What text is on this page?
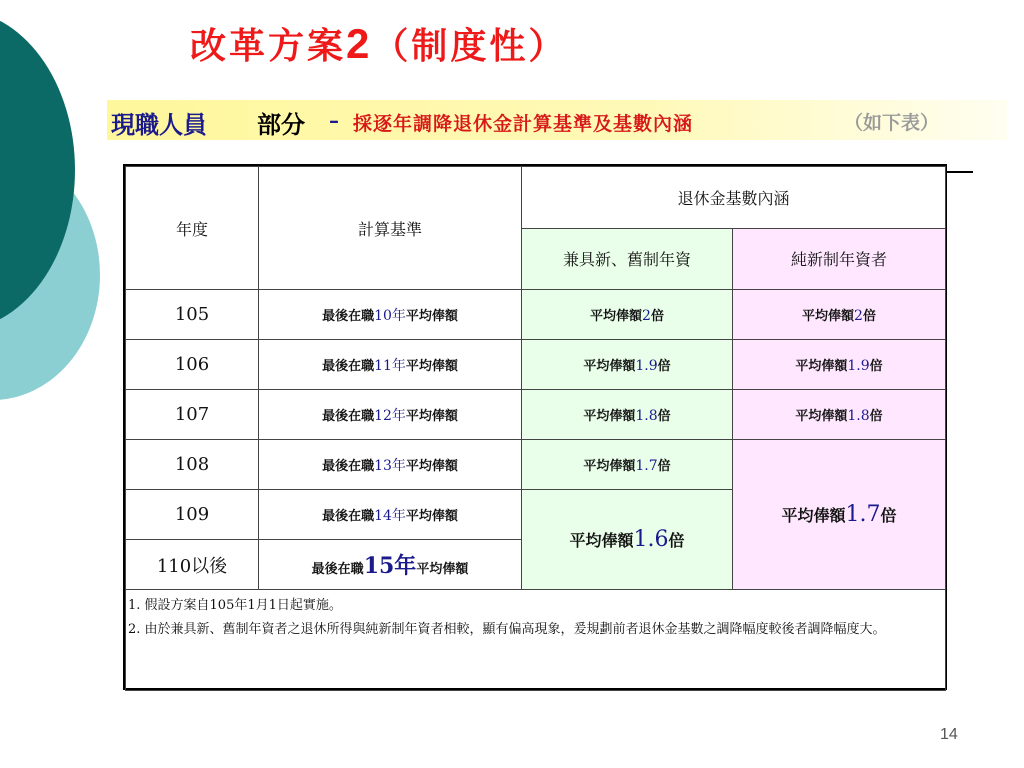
改革方案2（制度性）
現職人員 部分 – 採逐年調降退休金計算基準及基數內涵	（如下表）
年度	計算基準	退休金基數內涵	
		兼具新、舊制年資	純新制年資者
105	最後在職10年平均俸額	平均俸額2倍	平均俸額2倍
106	最後在職11年平均俸額	平均俸額1.9倍	平均俸額1.9倍
107	最後在職12年平均俸額	平均俸額1.8倍	平均俸額1.8倍
108	最後在職13年平均俸額	平均俸額1.7倍	平均俸額1.7倍
109	最後在職14年平均俸額	平均俸額1.6倍	
110以後	最後在職15年平均俸額		

1. 假設方案自105年1月1日起實施。
2. 由於兼具新、舊制年資者之退休所得與純新制年資者相較，顯有偏高現象，爰規劃前者退休金基數之調降幅度較後者調降幅度大。			
14
